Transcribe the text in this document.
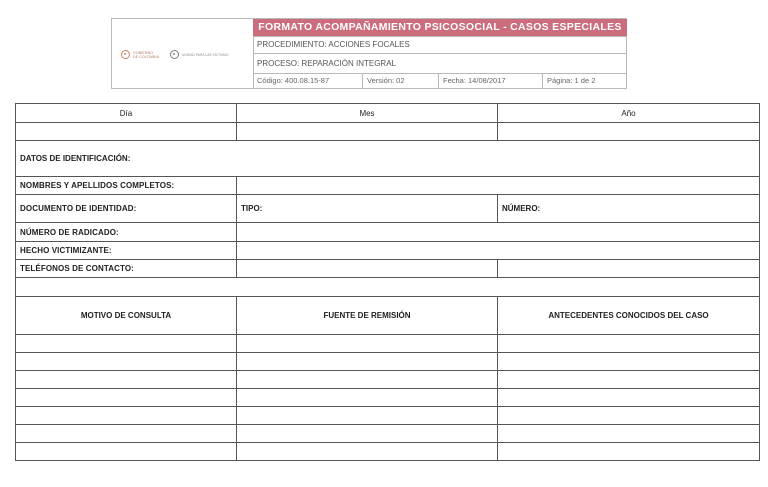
GOBIERNO
DE COLOMBIA	UNIDAD PARA LAS VÍCTIMAS
FORMATO ACOMPAÑAMIENTO PSICOSOCIAL - CASOS ESPECIALES
PROCEDIMIENTO: ACCIONES FOCALES
PROCESO: REPARACIÓN INTEGRAL
Código: 400.08.15-87	Versión: 02	Fecha: 14/08/2017	Página: 1 de 2
Día	Mes	Año

DATOS DE IDENTIFICACIÓN:		
NOMBRES Y APELLIDOS COMPLETOS:		
DOCUMENTO DE IDENTIDAD:	TIPO:	NÚMERO:
NÚMERO DE RADICADO:		
HECHO VICTIMIZANTE:		
TELÉFONOS DE CONTACTO:		

MOTIVO DE CONSULTA	FUENTE DE REMISIÓN	ANTECEDENTES CONOCIDOS DEL CASO
